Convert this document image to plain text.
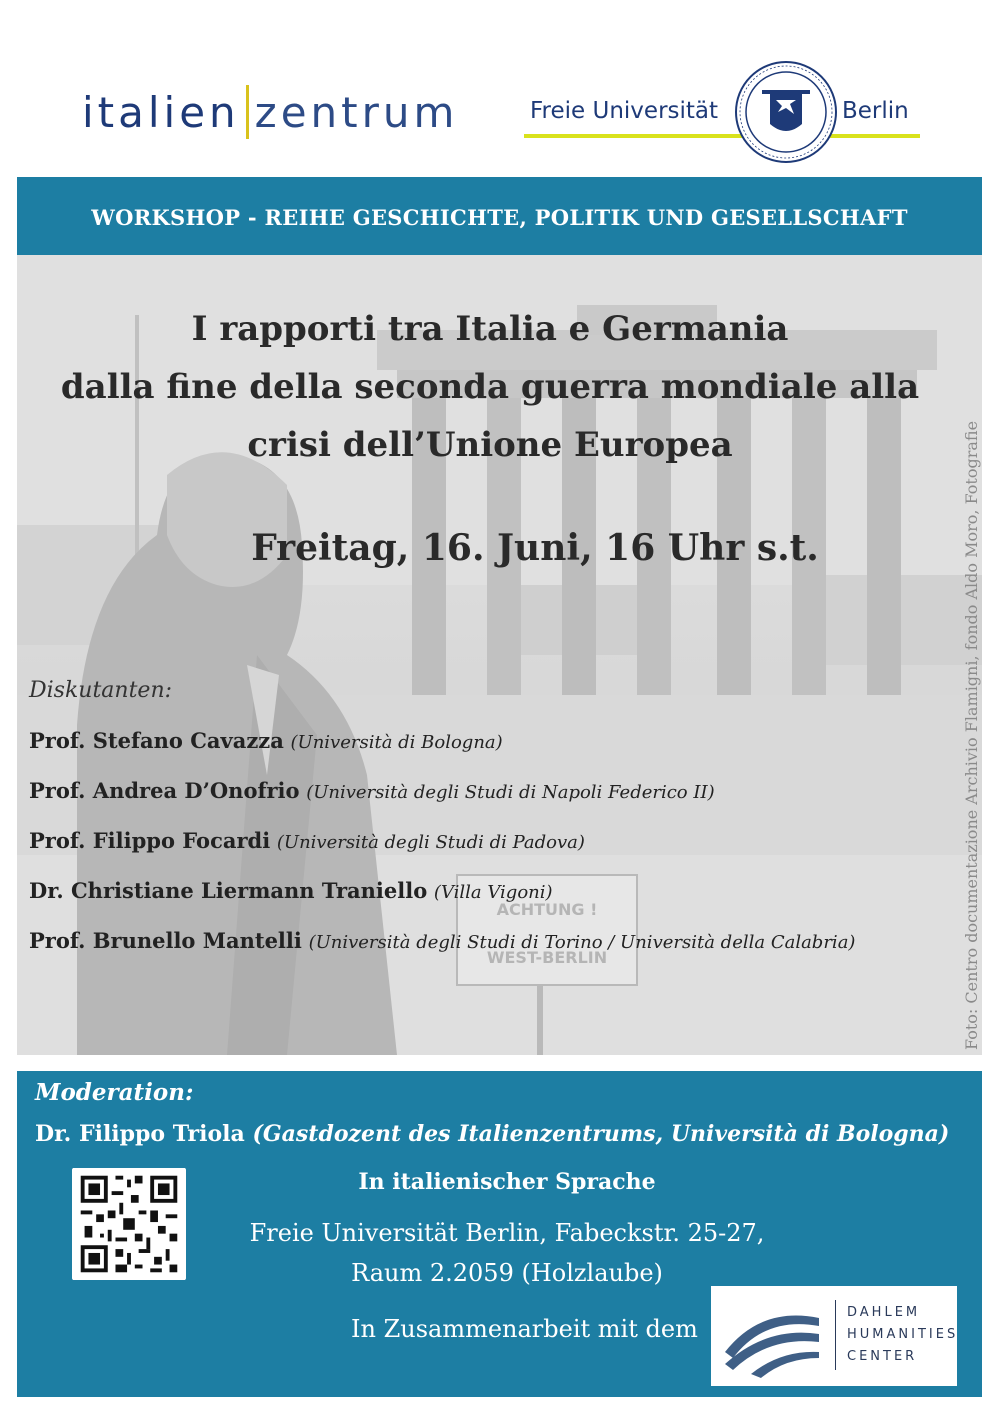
italien zentrum	Freie Universität	Berlin
WORKSHOP - REIHE GESCHICHTE, POLITIK UND GESELLSCHAFT
ACHTUNG !
WEST-BERLIN
I rapporti tra Italia e Germania
dalla fine della seconda guerra mondiale alla
crisi dell’Unione Europea
Freitag, 16. Juni, 16 Uhr s.t.
Diskutanten:
Prof. Stefano Cavazza (Università di Bologna)
Prof. Andrea D’Onofrio (Università degli Studi di Napoli Federico II)
Prof. Filippo Focardi (Università degli Studi di Padova)
Dr. Christiane Liermann Traniello (Villa Vigoni)
Prof. Brunello Mantelli (Università degli Studi di Torino / Università della Calabria)	Foto: Centro documentazione Archivio Flamigni, fondo Aldo Moro, Fotografie
Moderation:
Dr. Filippo Triola (Gastdozent des Italienzentrums, Università di Bologna)
In italienischer Sprache
Freie Universität Berlin, Fabeckstr. 25-27,
Raum 2.2059 (Holzlaube)
In Zusammenarbeit mit dem
DAHLEM
HUMANITIES
CENTER
